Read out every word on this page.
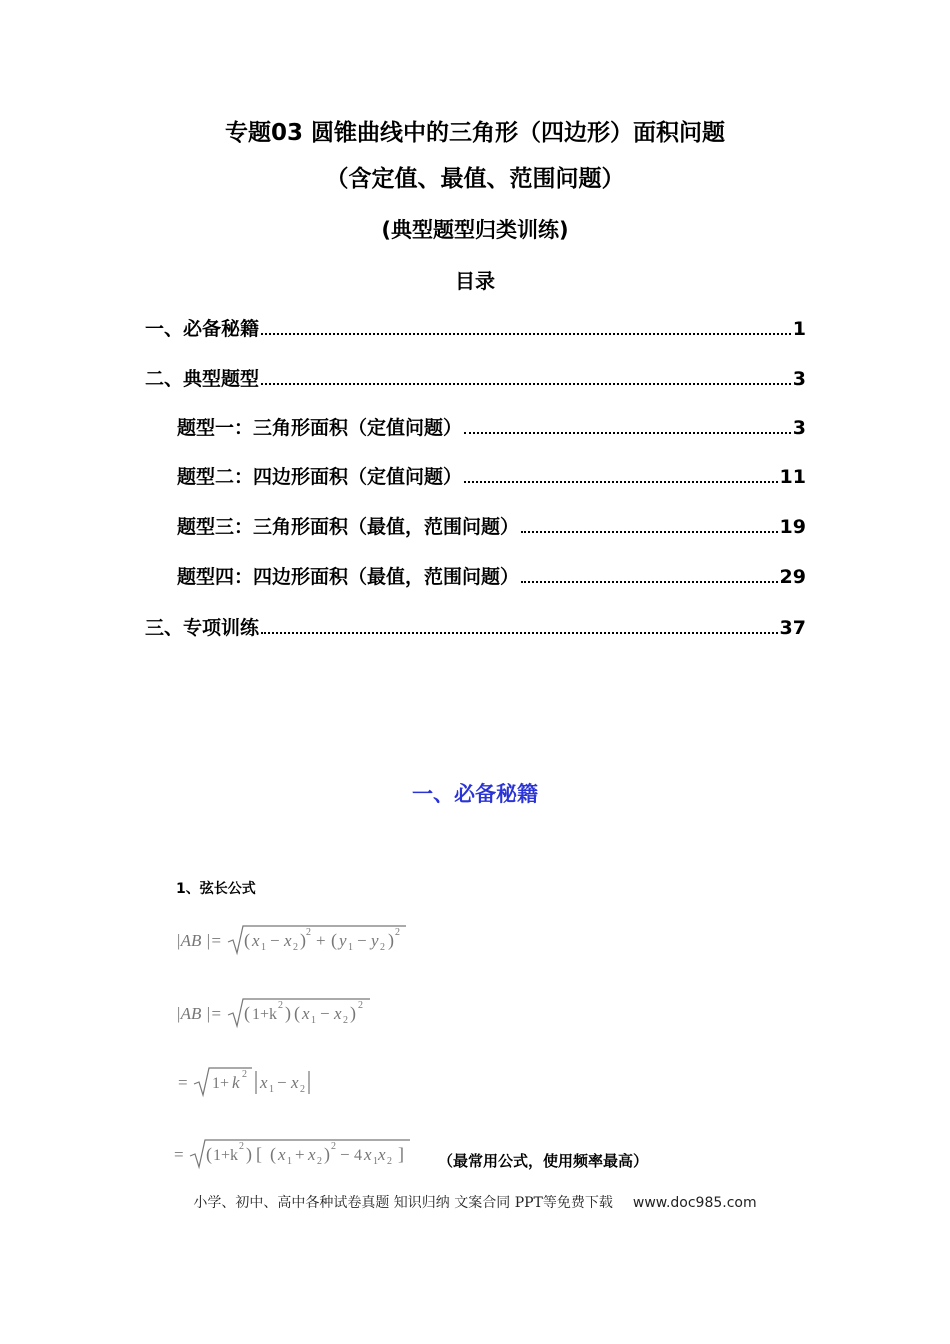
专题03 圆锥曲线中的三角形（四边形）面积问题
（含定值、最值、范围问题）
(典型题型归类训练)
目录
一、必备秘籍	1
二、典型题型	3
题型一：三角形面积（定值问题）	3
题型二：四边形面积（定值问题）	11
题型三：三角形面积（最值，范围问题）	19
题型四：四边形面积（最值，范围问题）	29
三、专项训练	37
一、必备秘籍
1、弦长公式
|AB |= ( x 1 − x 2 ) 2 + ( y 1 − y 2 ) 2
|AB |= ( 1+k
2 ) ( x 1 − x 2 ) 2
= 1+ k 2 x 1 − x 2
= ( 1+k
2 ) [ ( x 1 + x 2 ) 2 − 4 x 1 x 2 ] （最常用公式，使用频率最高）
小学、初中、高中各种试卷真题 知识归纳 文案合同 PPT等免费下载 www.doc985.com
